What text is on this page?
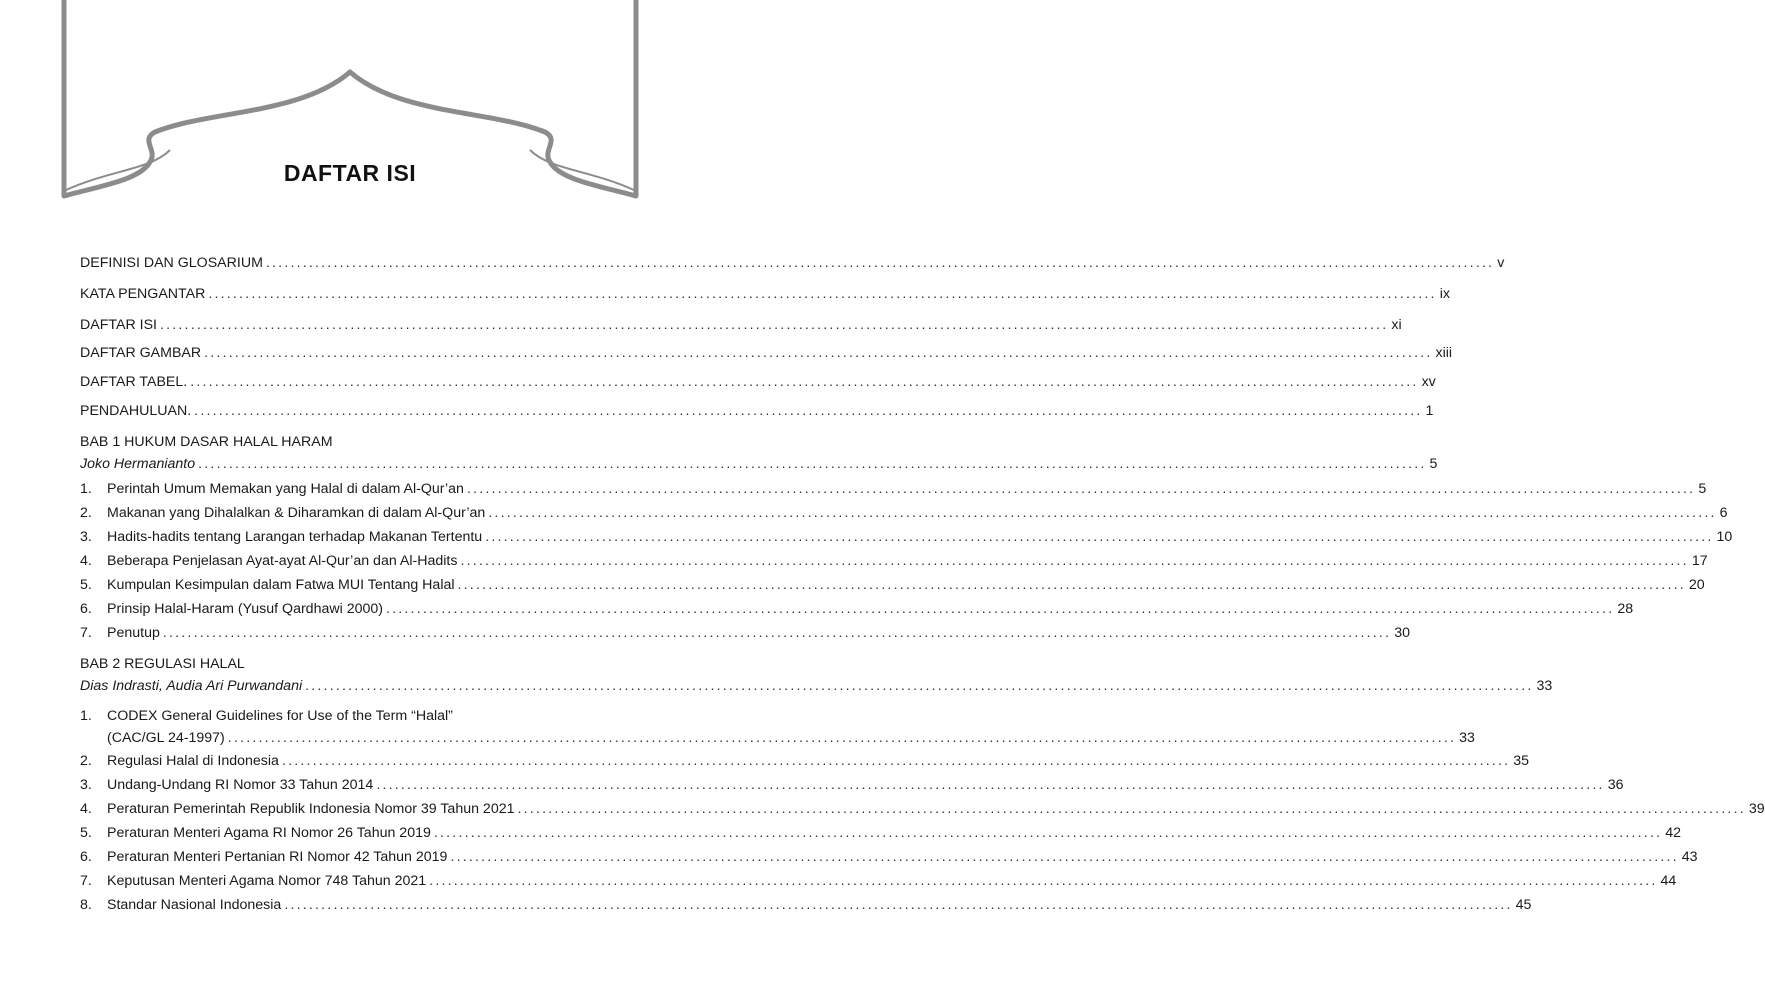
DAFTAR ISI
DEFINISI DAN GLOSARIUM ........................................................................................................................................................................................................ v
KATA PENGANTAR ........................................................................................................................................................................................................ ix
DAFTAR ISI ........................................................................................................................................................................................................ xi
DAFTAR GAMBAR ........................................................................................................................................................................................................ xiii
DAFTAR TABEL. ........................................................................................................................................................................................................ xv
PENDAHULUAN. ........................................................................................................................................................................................................ 1
BAB 1 HUKUM DASAR HALAL HARAM
Joko Hermanianto ........................................................................................................................................................................................................ 5
1.	Perintah Umum Memakan yang Halal di dalam Al-Qur’an ........................................................................................................................................................................................................ 5
2.	Makanan yang Dihalalkan & Diharamkan di dalam Al-Qur’an ........................................................................................................................................................................................................ 6
3.	Hadits-hadits tentang Larangan terhadap Makanan Tertentu ........................................................................................................................................................................................................ 10
4.	Beberapa Penjelasan Ayat-ayat Al-Qur’an dan Al-Hadits ........................................................................................................................................................................................................ 17
5.	Kumpulan Kesimpulan dalam Fatwa MUI Tentang Halal ........................................................................................................................................................................................................ 20
6.	Prinsip Halal-Haram (Yusuf Qardhawi 2000) ........................................................................................................................................................................................................ 28
7.	Penutup ........................................................................................................................................................................................................ 30
BAB 2 REGULASI HALAL
Dias Indrasti, Audia Ari Purwandani ........................................................................................................................................................................................................ 33
1.	CODEX General Guidelines for Use of the Term “Halal”
(CAC/GL 24-1997) ........................................................................................................................................................................................................ 33
2.	Regulasi Halal di Indonesia ........................................................................................................................................................................................................ 35
3.	Undang-Undang RI Nomor 33 Tahun 2014 ........................................................................................................................................................................................................ 36
4.	Peraturan Pemerintah Republik Indonesia Nomor 39 Tahun 2021 ........................................................................................................................................................................................................ 39
5.	Peraturan Menteri Agama RI Nomor 26 Tahun 2019 ........................................................................................................................................................................................................ 42
6.	Peraturan Menteri Pertanian RI Nomor 42 Tahun 2019 ........................................................................................................................................................................................................ 43
7.	Keputusan Menteri Agama Nomor 748 Tahun 2021 ........................................................................................................................................................................................................ 44
8.	Standar Nasional Indonesia ........................................................................................................................................................................................................ 45
